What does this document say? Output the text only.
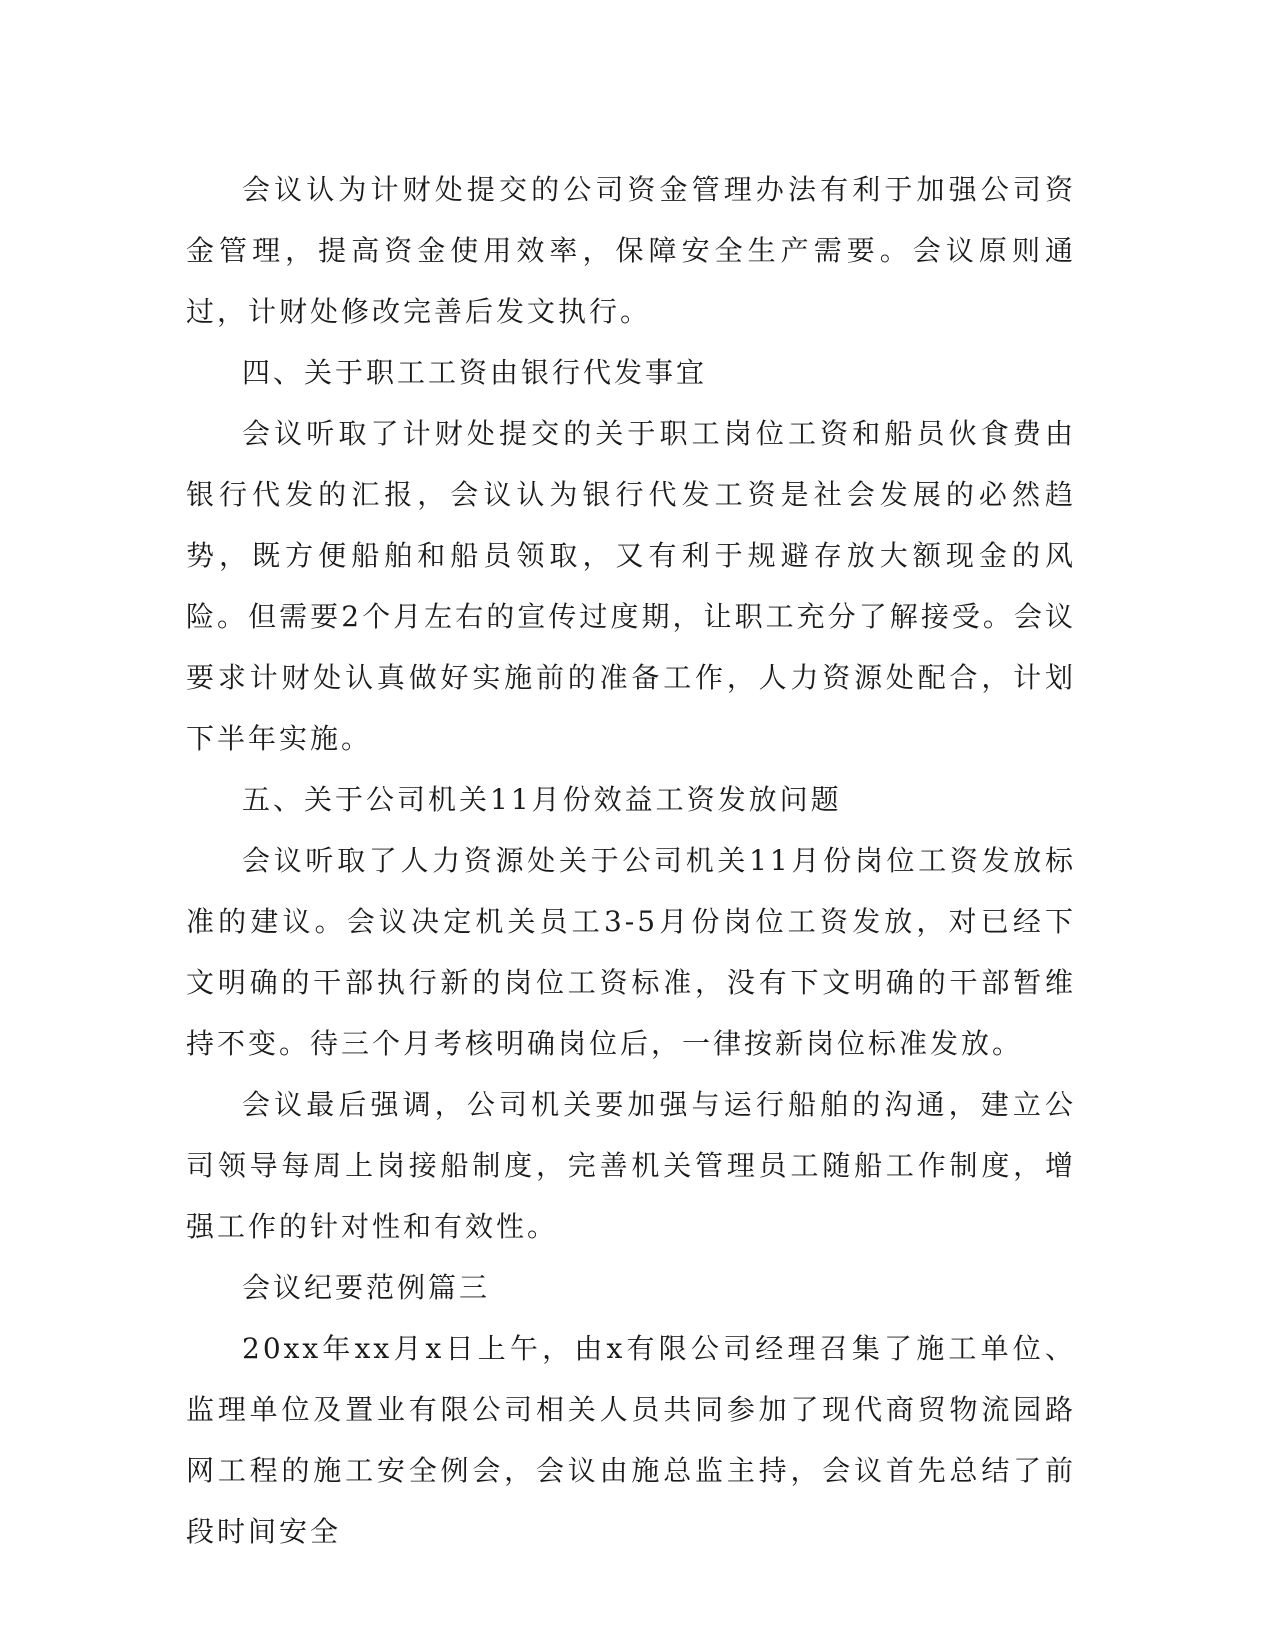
会议认为计财处提交的公司资金管理办法有利于加强公司资金管理，提高资金使用效率，保障安全生产需要。会议原则通过，计财处修改完善后发文执行。

四、关于职工工资由银行代发事宜

会议听取了计财处提交的关于职工岗位工资和船员伙食费由银行代发的汇报，会议认为银行代发工资是社会发展的必然趋势，既方便船舶和船员领取，又有利于规避存放大额现金的风险。但需要2个月左右的宣传过度期，让职工充分了解接受。会议要求计财处认真做好实施前的准备工作，人力资源处配合，计划下半年实施。

五、关于公司机关11月份效益工资发放问题

会议听取了人力资源处关于公司机关11月份岗位工资发放标准的建议。会议决定机关员工3-5月份岗位工资发放，对已经下文明确的干部执行新的岗位工资标准，没有下文明确的干部暂维持不变。待三个月考核明确岗位后，一律按新岗位标准发放。

会议最后强调，公司机关要加强与运行船舶的沟通，建立公司领导每周上岗接船制度，完善机关管理员工随船工作制度，增强工作的针对性和有效性。

会议纪要范例篇三

20xx年xx月x日上午，由x有限公司经理召集了施工单位、监理单位及置业有限公司相关人员共同参加了现代商贸物流园路网工程的施工安全例会，会议由施总监主持，会议首先总结了前段时间安全
